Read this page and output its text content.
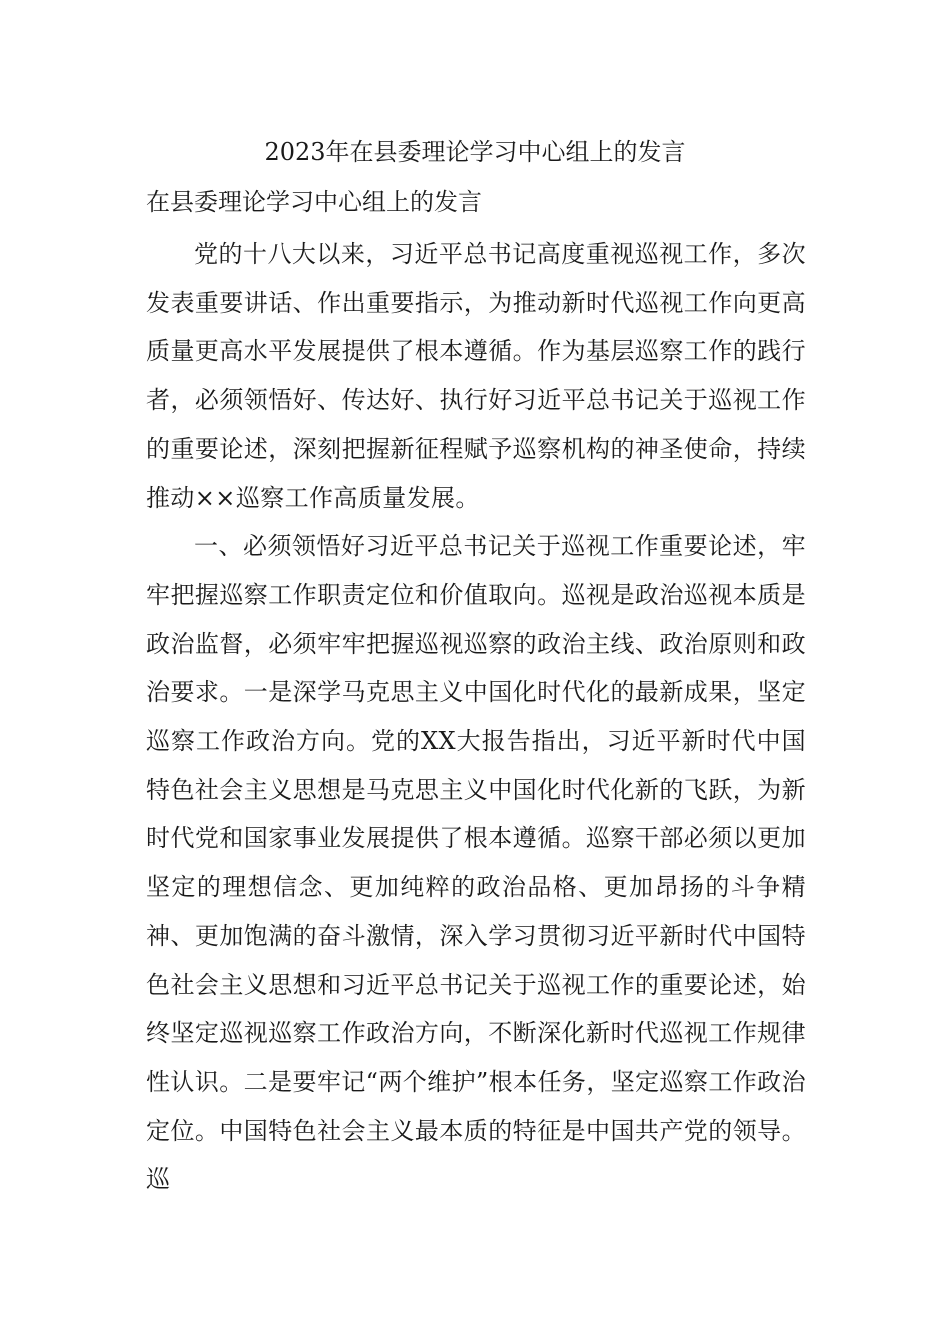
2023年在县委理论学习中心组上的发言
在县委理论学习中心组上的发言

党的十八大以来，习近平总书记高度重视巡视工作，多次发表重要讲话、作出重要指示，为推动新时代巡视工作向更高质量更高水平发展提供了根本遵循。作为基层巡察工作的践行者，必须领悟好、传达好、执行好习近平总书记关于巡视工作的重要论述，深刻把握新征程赋予巡察机构的神圣使命，持续推动××巡察工作高质量发展。

一、必须领悟好习近平总书记关于巡视工作重要论述，牢牢把握巡察工作职责定位和价值取向。巡视是政治巡视本质是政治监督，必须牢牢把握巡视巡察的政治主线、政治原则和政治要求。一是深学马克思主义中国化时代化的最新成果，坚定巡察工作政治方向。党的XX大报告指出，习近平新时代中国特色社会主义思想是马克思主义中国化时代化新的飞跃，为新时代党和国家事业发展提供了根本遵循。巡察干部必须以更加坚定的理想信念、更加纯粹的政治品格、更加昂扬的斗争精神、更加饱满的奋斗激情，深入学习贯彻习近平新时代中国特色社会主义思想和习近平总书记关于巡视工作的重要论述，始终坚定巡视巡察工作政治方向，不断深化新时代巡视工作规律性认识。二是要牢记“两个维护”根本任务，坚定巡察工作政治定位。中国特色社会主义最本质的特征是中国共产党的领导。巡
